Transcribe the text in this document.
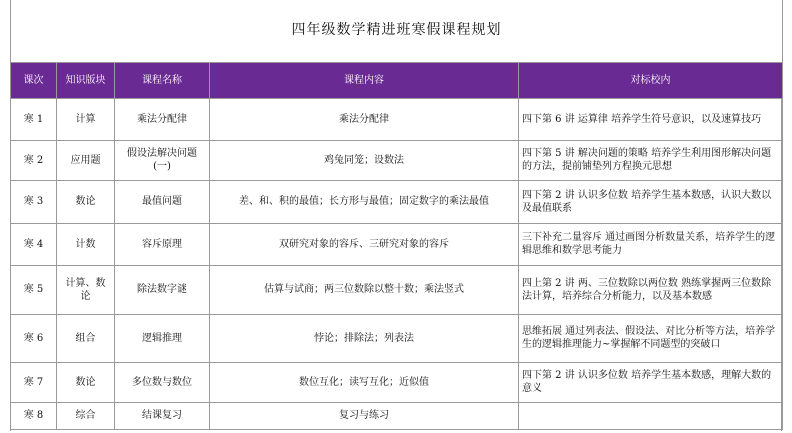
四年级数学精进班寒假课程规划				
课次	知识版块	课程名称	课程内容	对标校内
寒 1	计算	乘法分配律	乘法分配律	四下第 6 讲 运算律 培养学生符号意识，以及速算技巧
寒 2	应用题	假设法解决问题(一)	鸡兔同笼；设数法	四下第 5 讲 解决问题的策略 培养学生利用图形解决问题的方法，提前铺垫列方程换元思想
寒 3	数论	最值问题	差、和、积的最值；长方形与最值；固定数字的乘法最值	四下第 2 讲 认识多位数 培养学生基本数感，认识大数以及最值联系
寒 4	计数	容斥原理	双研究对象的容斥、三研究对象的容斥	三下补充二量容斥 通过画图分析数量关系，培养学生的逻辑思维和数学思考能力
寒 5	计算、数论	除法数字谜	估算与试商；两三位数除以整十数；乘法竖式	四上第 2 讲 两、三位数除以两位数 熟练掌握两三位数除法计算，培养综合分析能力，以及基本数感
寒 6	组合	逻辑推理	悖论；排除法；列表法	思维拓展 通过列表法、假设法、对比分析等方法，培养学生的逻辑推理能力~掌握解不同题型的突破口
寒 7	数论	多位数与数位	数位互化；读写互化；近似值	四下第 2 讲 认识多位数 培养学生基本数感，理解大数的意义
寒 8	综合	结课复习	复习与练习	
